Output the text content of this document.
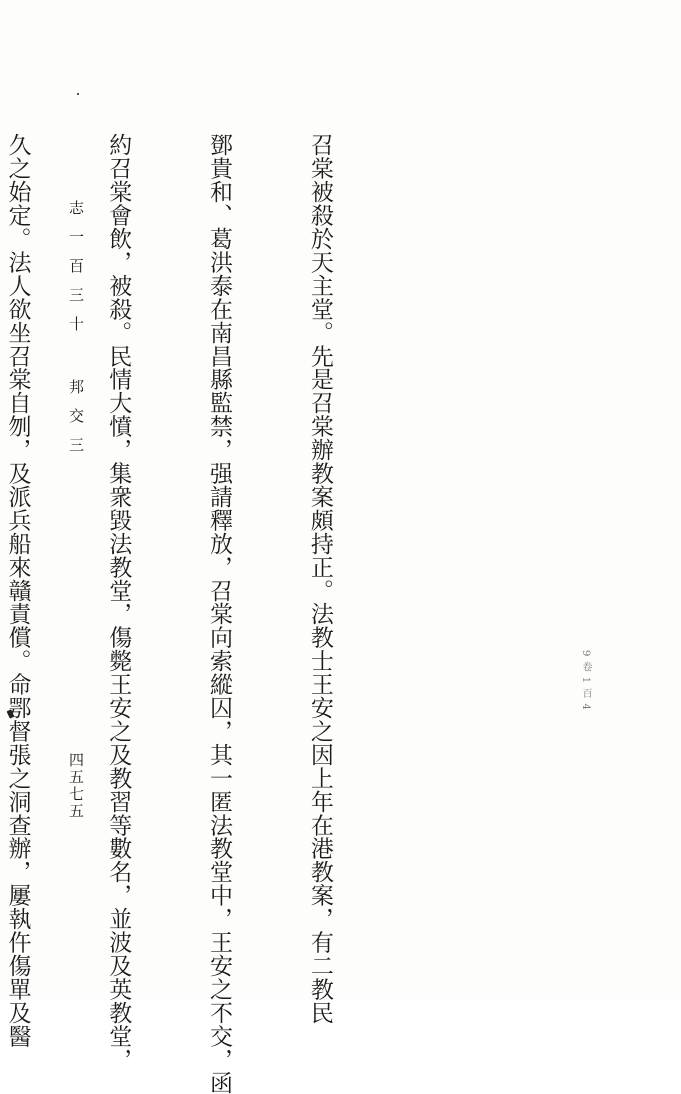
志一百三十邦交三
四五七五
9 卷 1 百 4

召棠被殺於天主堂。先是召棠辦教案頗持正。法教士王安之因上年在港教案，有二教民

鄧貴和、葛洪泰在南昌縣監禁，强請釋放，召棠向索縱囚，其一匿法教堂中，王安之不交，函

約召棠會飲，被殺。民情大憤，集衆毀法教堂，傷斃王安之及教習等數名，並波及英教堂，

久之始定。法人欲坐召棠自刎，及派兵船來贛責償。命鄂督張之洞查辦，屢執仵傷單及醫
